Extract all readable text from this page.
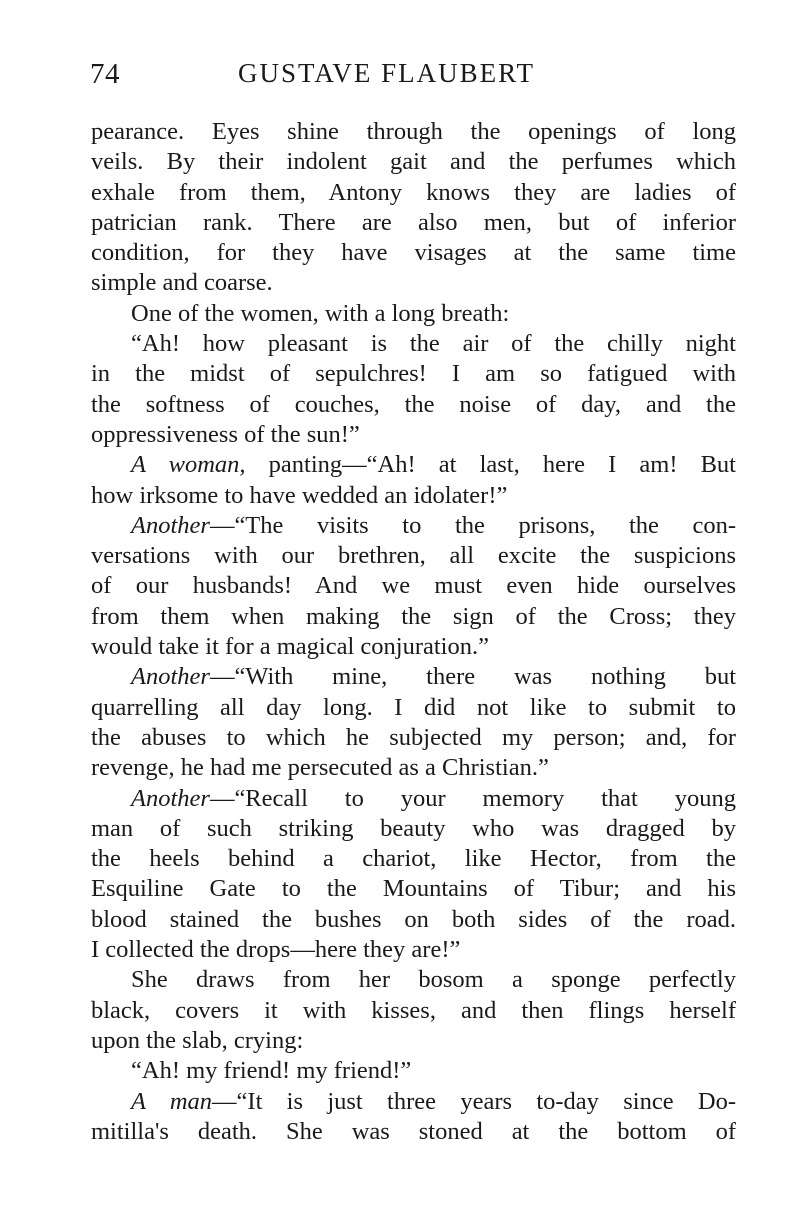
74	GUSTAVE FLAUBERT
pearance. Eyes shine through the openings of long
veils. By their indolent gait and the perfumes which
exhale from them, Antony knows they are ladies of
patrician rank. There are also men, but of inferior
condition, for they have visages at the same time
simple and coarse.
One of the women, with a long breath:
“Ah! how pleasant is the air of the chilly night
in the midst of sepulchres! I am so fatigued with
the softness of couches, the noise of day, and the
oppressiveness of the sun!”
A woman, panting—“Ah! at last, here I am! But
how irksome to have wedded an idolater!”
Another—“The visits to the prisons, the con-
versations with our brethren, all excite the suspicions
of our husbands! And we must even hide ourselves
from them when making the sign of the Cross; they
would take it for a magical conjuration.”
Another—“With mine, there was nothing but
quarrelling all day long. I did not like to submit to
the abuses to which he subjected my person; and, for
revenge, he had me persecuted as a Christian.”
Another—“Recall to your memory that young
man of such striking beauty who was dragged by
the heels behind a chariot, like Hector, from the
Esquiline Gate to the Mountains of Tibur; and his
blood stained the bushes on both sides of the road.
I collected the drops—here they are!”
She draws from her bosom a sponge perfectly
black, covers it with kisses, and then flings herself
upon the slab, crying:
“Ah! my friend! my friend!”
A man—“It is just three years to-day since Do-
mitilla's death. She was stoned at the bottom of
